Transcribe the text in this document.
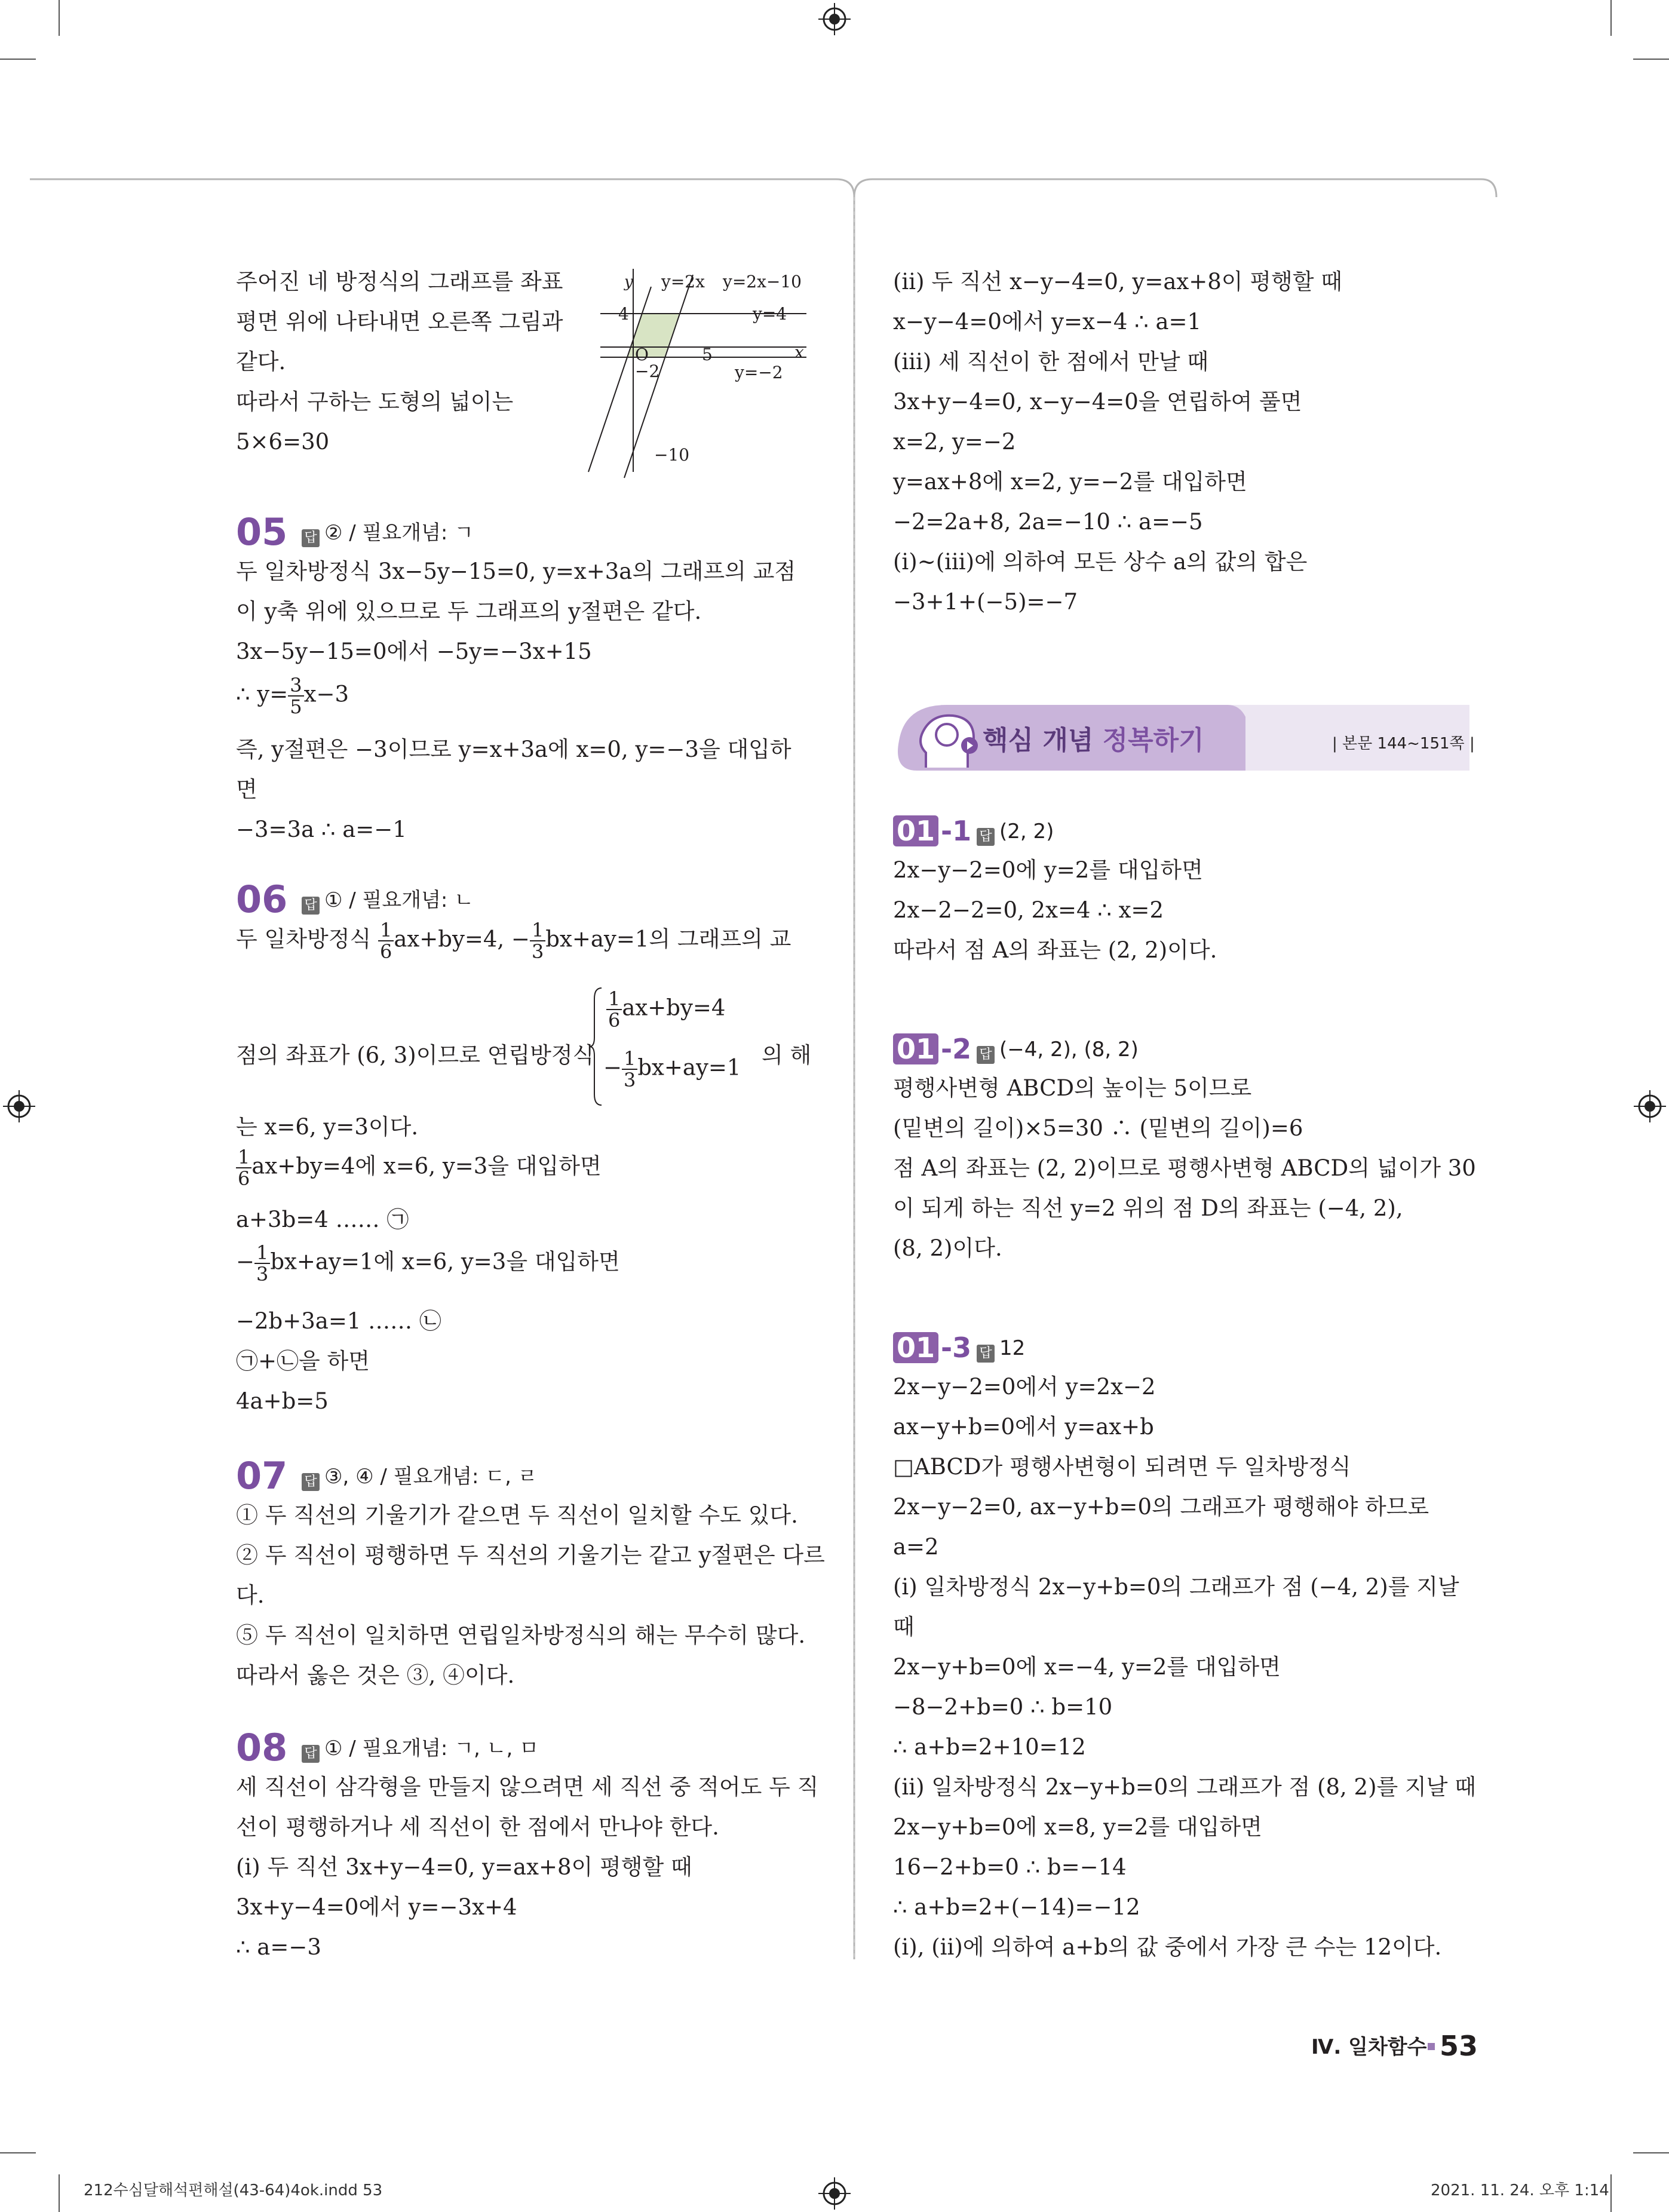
주어진 네 방정식의 그래프를 좌표
평면 위에 나타내면 오른쪽 그림과
같다.
따라서 구하는 도형의 넓이는
5×6=30
y y=2x y=2x−10
4	y=4
O	5	x
−2	y=−2
−10
05 답 ② / 필요개념: ㄱ
두 일차방정식 3x−5y−15=0, y=x+3a의 그래프의 교점
이 y축 위에 있으므로 두 그래프의 y절편은 같다.
3x−5y−15=0에서 −5y=−3x+15
∴ $y= \frac{3}{5} x-3$
즉, y절편은 −3이므로 y=x+3a에 x=0, y=−3을 대입하
면
−3=3a ∴ a=−1
06 답 ① / 필요개념: ㄴ
두 일차방정식 $\frac{1}{6} ax+by=4$, − $\frac{1}{3} bx+ay=1$의 그래프의 교
점의 좌표가 (6, 3)이므로 연립방정식
$\frac{1}{6} ax+by=4$
− $\frac{1}{3} bx+ay=1$ 의 해
는 x=6, y=3이다.
$\frac{1}{6} ax+by=4$에 x=6, y=3을 대입하면
a+3b=4 …… ㉠
− $\frac{1}{3} bx+ay=1$에 x=6, y=3을 대입하면
−2b+3a=1 …… ㉡
㉠+㉡을 하면
4a+b=5
07 답 ③, ④ / 필요개념: ㄷ, ㄹ
① 두 직선의 기울기가 같으면 두 직선이 일치할 수도 있다.
② 두 직선이 평행하면 두 직선의 기울기는 같고 y절편은 다르
다.
⑤ 두 직선이 일치하면 연립일차방정식의 해는 무수히 많다.
따라서 옳은 것은 ③, ④이다.
08 답 ① / 필요개념: ㄱ, ㄴ, ㅁ
세 직선이 삼각형을 만들지 않으려면 세 직선 중 적어도 두 직
선이 평행하거나 세 직선이 한 점에서 만나야 한다.
(ⅰ) 두 직선 3x+y−4=0, y=ax+8이 평행할 때
3x+y−4=0에서 y=−3x+4
∴ a=−3
(ⅱ) 두 직선 x−y−4=0, y=ax+8이 평행할 때
x−y−4=0에서 y=x−4 ∴ a=1
(ⅲ) 세 직선이 한 점에서 만날 때
3x+y−4=0, x−y−4=0을 연립하여 풀면
x=2, y=−2
y=ax+8에 x=2, y=−2를 대입하면
−2=2a+8, 2a=−10 ∴ a=−5
(ⅰ)~(ⅲ)에 의하여 모든 상수 a의 값의 합은
−3+1+(−5)=−7
핵심 개념 정복하기	| 본문 144~151쪽 |
01 -1 답 (2, 2)
2x−y−2=0에 y=2를 대입하면
2x−2−2=0, 2x=4 ∴ x=2
따라서 점 A의 좌표는 (2, 2)이다.
01 -2 답 (−4, 2), (8, 2)
평행사변형 ABCD의 높이는 5이므로
(밑변의 길이)×5=30 ∴ (밑변의 길이)=6
점 A의 좌표는 (2, 2)이므로 평행사변형 ABCD의 넓이가 30
이 되게 하는 직선 y=2 위의 점 D의 좌표는 (−4, 2),
(8, 2)이다.
01 -3 답 12
2x−y−2=0에서 y=2x−2
ax−y+b=0에서 y=ax+b
□ABCD가 평행사변형이 되려면 두 일차방정식
2x−y−2=0, ax−y+b=0의 그래프가 평행해야 하므로
a=2
(ⅰ) 일차방정식 2x−y+b=0의 그래프가 점 (−4, 2)를 지날
때
2x−y+b=0에 x=−4, y=2를 대입하면
−8−2+b=0 ∴ b=10
∴ a+b=2+10=12
(ⅱ) 일차방정식 2x−y+b=0의 그래프가 점 (8, 2)를 지날 때
2x−y+b=0에 x=8, y=2를 대입하면
16−2+b=0 ∴ b=−14
∴ a+b=2+(−14)=−12
(ⅰ), (ⅱ)에 의하여 a+b의 값 중에서 가장 큰 수는 12이다.
Ⅳ. 일차함수 53
212수심달해석편해설(43-64)4ok.indd 53	2021. 11. 24. 오후 1:14
